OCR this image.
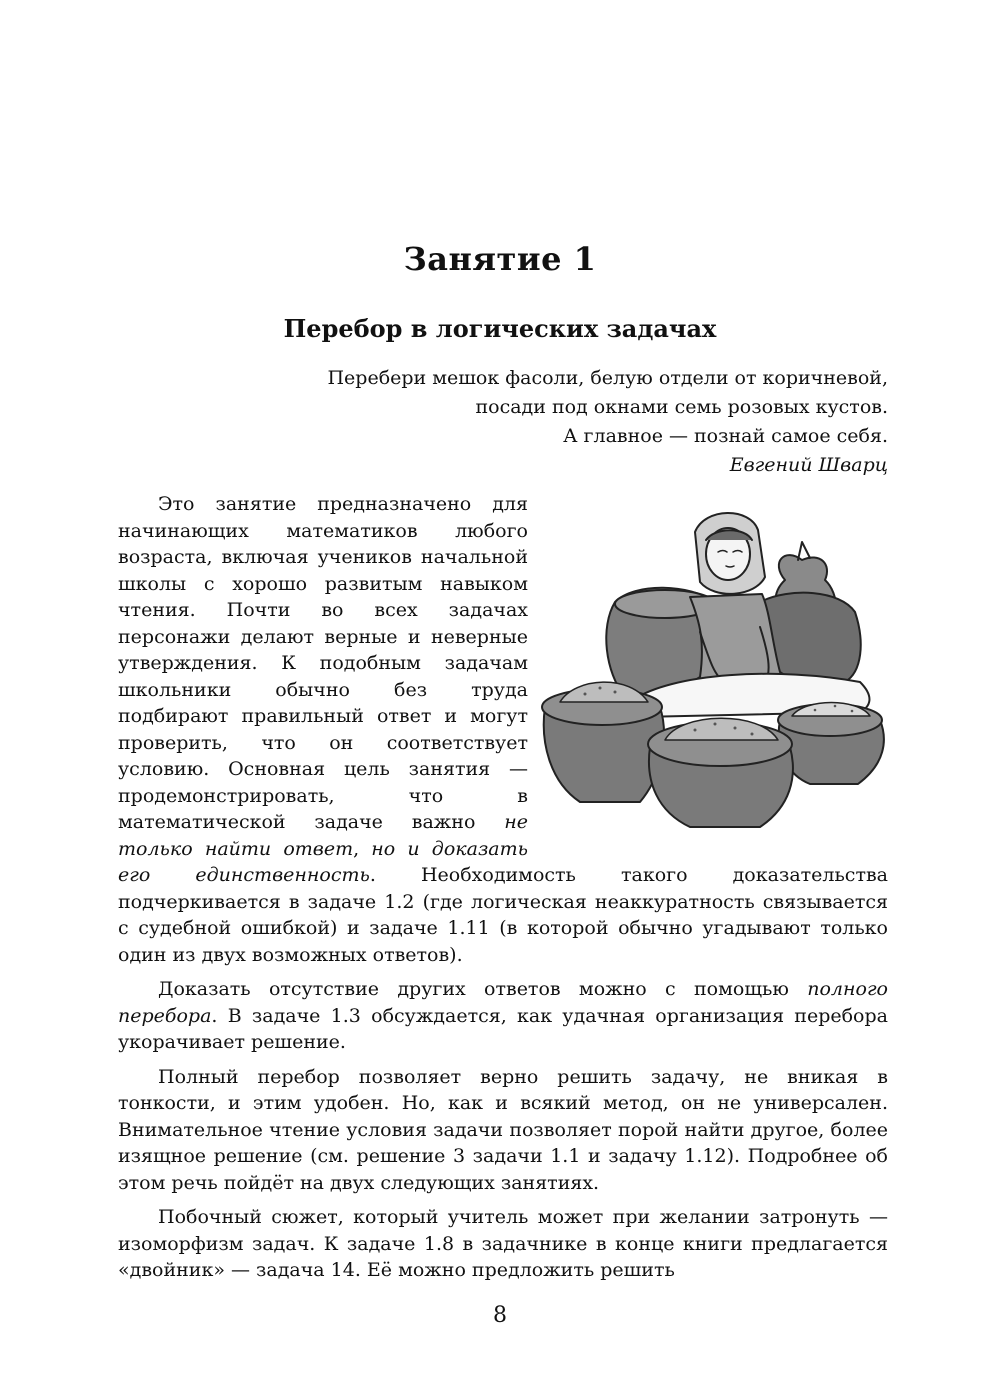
Занятие 1
Перебор в логических задачах
Перебери мешок фасоли, белую отдели от коричневой,
посади под окнами семь розовых кустов.
А главное — познай самое себя.
Евгений Шварц

Это занятие предназначено для начинающих математиков любого возраста, включая учеников начальной школы с хорошо развитым навыком чтения. Почти во всех задачах персонажи делают верные и неверные утверждения. К подобным задачам школьники обычно без труда подбирают правильный ответ и могут проверить, что он соответствует условию. Основная цель занятия — продемонстрировать, что в математической задаче важно не только найти ответ, но и доказать его единственность. Необходимость такого доказательства подчеркивается в задаче 1.2 (где логическая неаккуратность связывается с судебной ошибкой) и задаче 1.11 (в которой обычно угадывают только один из двух возможных ответов).

Доказать отсутствие других ответов можно с помощью полного перебора. В задаче 1.3 обсуждается, как удачная организация перебора укорачивает решение.

Полный перебор позволяет верно решить задачу, не вникая в тонкости, и этим удобен. Но, как и всякий метод, он не универсален. Внимательное чтение условия задачи позволяет порой найти другое, более изящное решение (см. решение 3 задачи 1.1 и задачу 1.12). Подробнее об этом речь пойдёт на двух следующих занятиях.

Побочный сюжет, который учитель может при желании затронуть — изоморфизм задач. К задаче 1.8 в задачнике в конце книги предлагается «двойник» — задача 14. Её можно предложить решить

8
